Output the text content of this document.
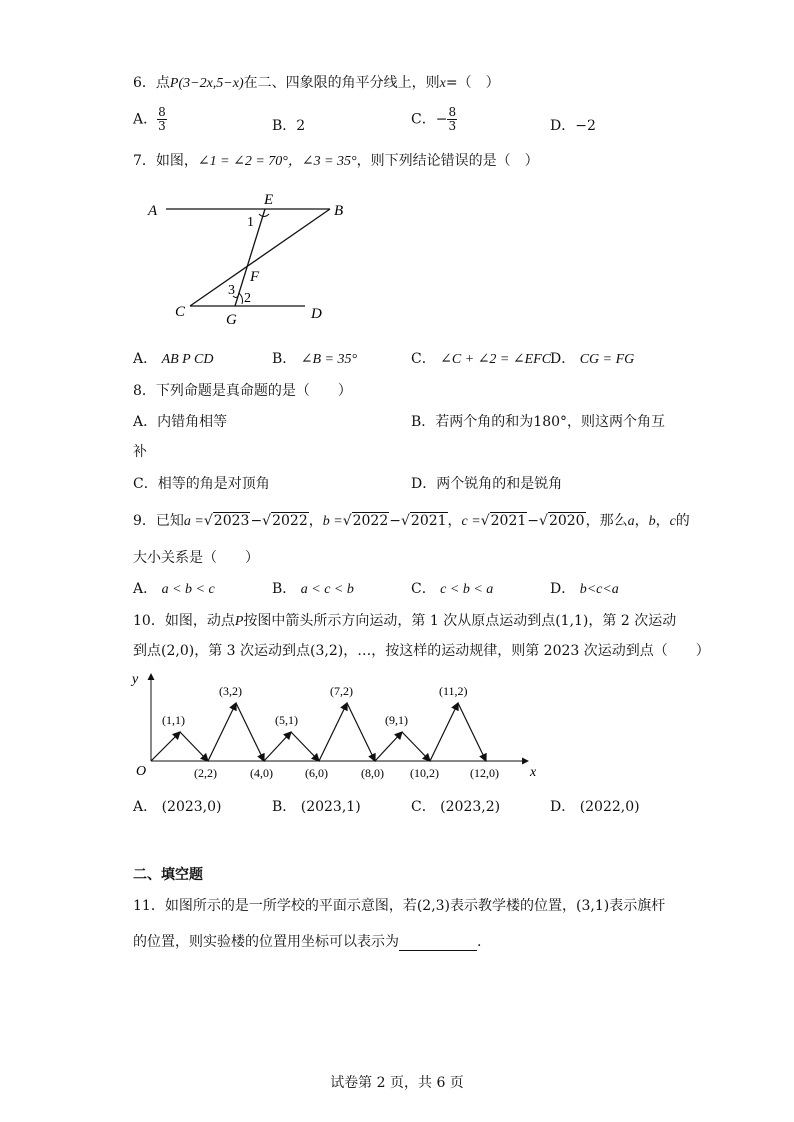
6．点P(3−2x,5−x)在二、四象限的角平分线上，则x=（　）
A． $\frac{8}{3}$	B．2	C．− $\frac{8}{3}$	D．−2
7．如图，∠1 = ∠2 = 70°，∠3 = 35°，则下列结论错误的是（　）
A	B
E
1
F
3
2
C	G	D
A． AB P CD	B． ∠B = 35°	C． ∠C + ∠2 = ∠EFC
D． CG = FG
8．下列命题是真命题的是（　　）
A．内错角相等	B．若两个角的和为180°，则这两个角互
补
C．相等的角是对顶角	D．两个锐角的和是锐角
9．已知a =√2023−√2022，b =√2022−√2021，c =√2021−√2020，那么a，b，c的
大小关系是（　　）
A． a < b < c	B． a < c < b	C． c < b < a	D． b<c<a
10．如图，动点P按图中箭头所示方向运动，第 1 次从原点运动到点(1,1)，第 2 次运动
到点(2,0)，第 3 次运动到点(3,2)，…，按这样的运动规律，则第 2023 次运动到点（　　）
y
x
O
(1,1)
(3,2)
(5,1)
(7,2)
(9,1)
(11,2)
(2,2)	(4,0)	(6,0)	(8,0) (10,2)	(12,0)
A． (2023,0)	B． (2023,1)	C． (2023,2)	D． (2022,0)
二、填空题
11．如图所示的是一所学校的平面示意图，若(2,3)表示教学楼的位置，(3,1)表示旗杆
的位置，则实验楼的位置用坐标可以表示为	.
试卷第 2 页，共 6 页
